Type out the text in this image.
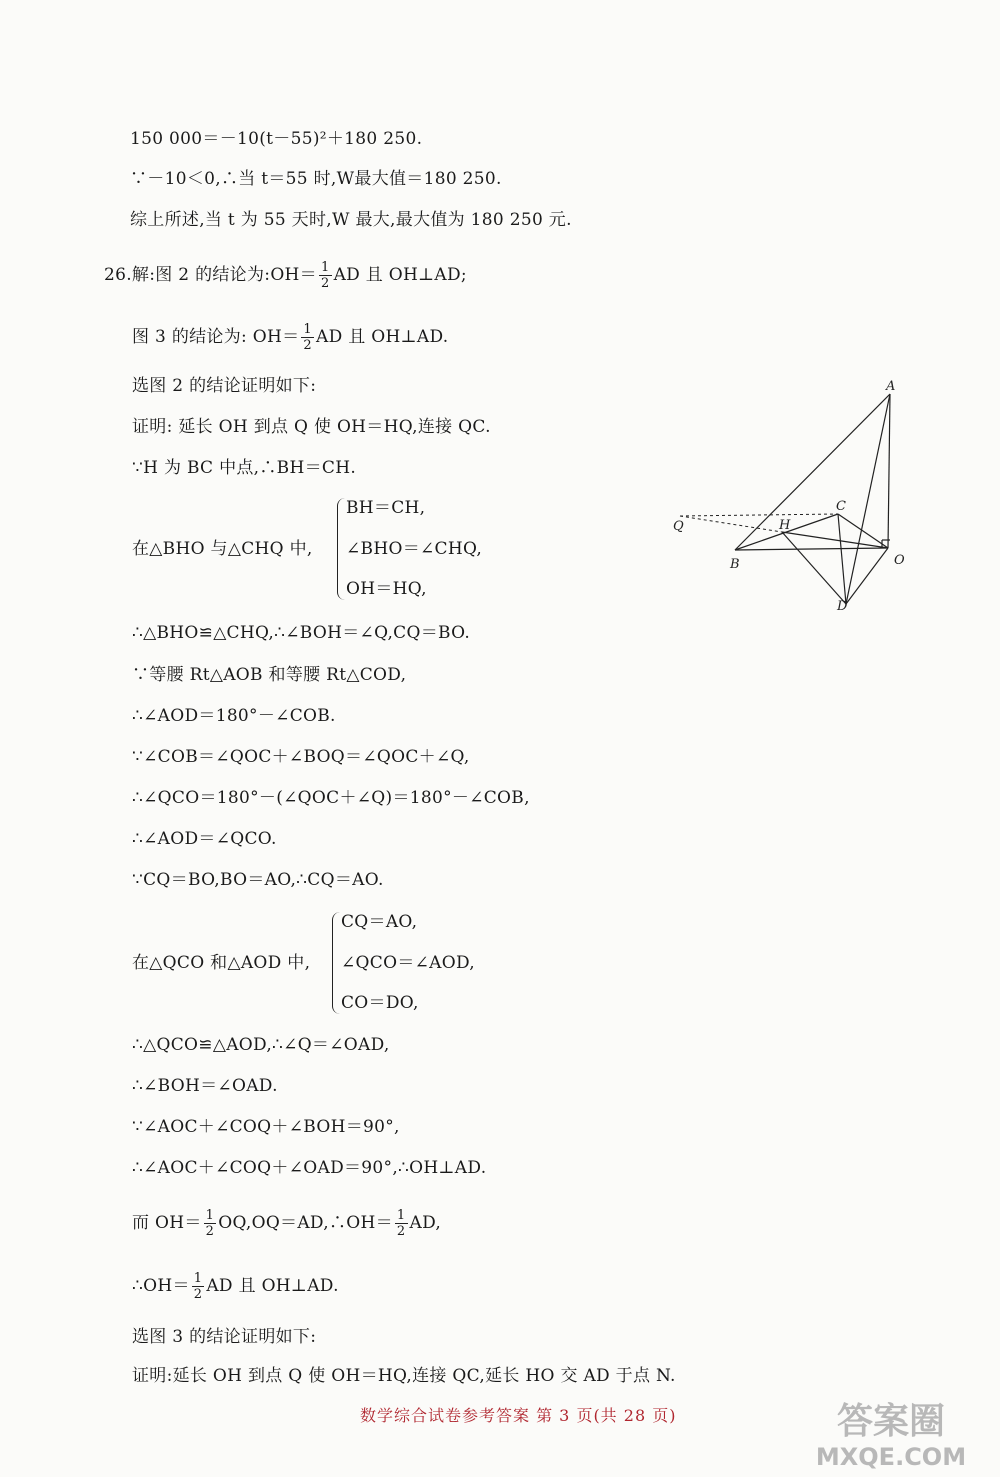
150 000＝－10(t－55)²＋180 250.
∵－10＜0,∴当 t＝55 时,W最大值＝180 250.
综上所述,当 t 为 55 天时,W 最大,最大值为 180 250 元.
26.解:图 2 的结论为:OH＝ $\frac{1}{2}$ AD 且 OH⊥AD;
图 3 的结论为: $OH= \frac{1}{2}$ AD 且 OH⊥AD.
选图 2 的结论证明如下:
证明: 延长 OH 到点 Q 使 OH＝HQ,连接 QC.
∵H 为 BC 中点,∴BH＝CH.
在△BHO 与△CHQ 中,
BH＝CH,
∠BHO＝∠CHQ,
OH＝HQ,
∴△BHO≌△CHQ,∴∠BOH＝∠Q,CQ＝BO.
∵等腰 Rt△AOB 和等腰 Rt△COD,
∴∠AOD＝180°－∠COB.
∵∠COB＝∠QOC＋∠BOQ＝∠QOC＋∠Q,
∴∠QCO＝180°－(∠QOC＋∠Q)＝180°－∠COB,
∴∠AOD＝∠QCO.
∵CQ＝BO,BO＝AO,∴CQ＝AO.
在△QCO 和△AOD 中,
CQ＝AO,
∠QCO＝∠AOD,
CO＝DO,
∴△QCO≌△AOD,∴∠Q＝∠OAD,
∴∠BOH＝∠OAD.
∵∠AOC＋∠COQ＋∠BOH＝90°,
∴∠AOC＋∠COQ＋∠OAD＝90°,∴OH⊥AD.
而 $OH= \frac{1}{2}$ OQ,OQ＝AD,∴OH＝ $\frac{1}{2}$ AD,
∴OH＝ $\frac{1}{2}$ AD 且 OH⊥AD.
选图 3 的结论证明如下:
证明:延长 OH 到点 Q 使 OH＝HQ,连接 QC,延长 HO 交 AD 于点 N.
A
B
C
D
H
O
Q
数学综合试卷参考答案 第 3 页(共 28 页)	答案圈
MXQE.COM
